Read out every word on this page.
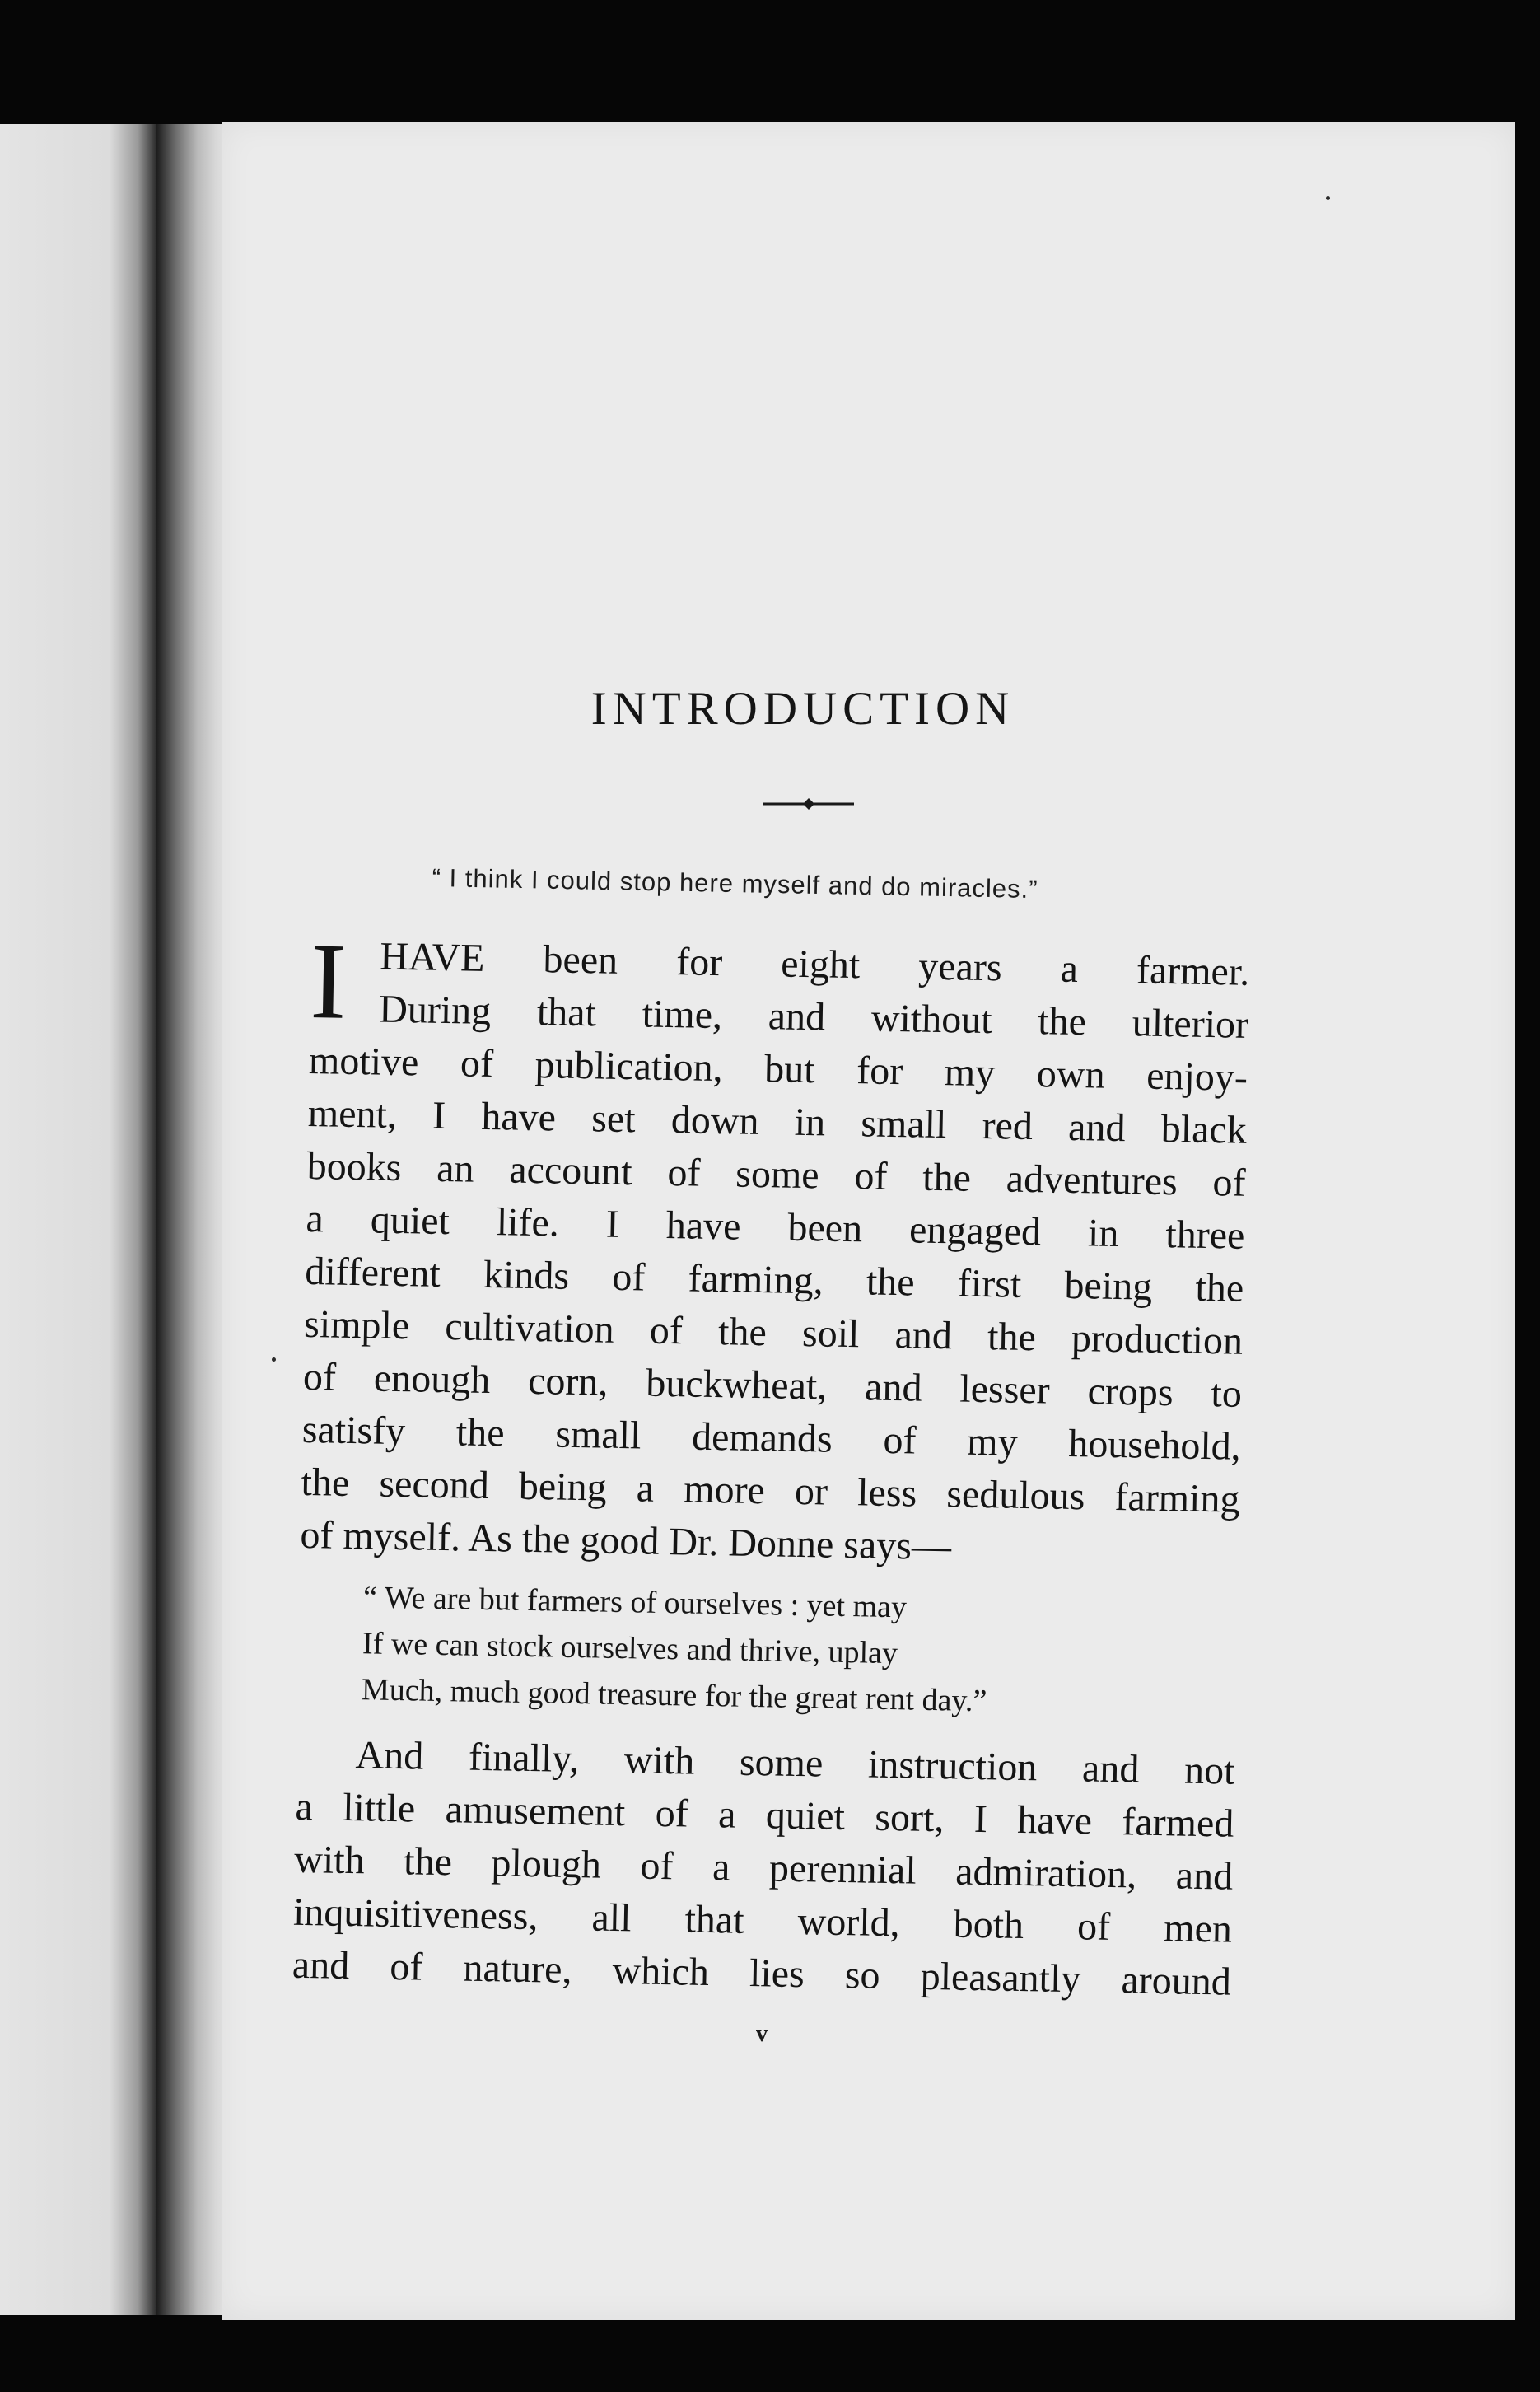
INTRODUCTION
“ I think I could stop here myself and do miracles.”
I HAVE been for eight years a farmer.
During that time, and without the ulterior
motive of publication, but for my own enjoy-
ment, I have set down in small red and black
books an account of some of the adventures of
a quiet life. I have been engaged in three
different kinds of farming, the first being the
simple cultivation of the soil and the production
of enough corn, buckwheat, and lesser crops to
satisfy the small demands of my household,
the second being a more or less sedulous farming
of myself. As the good Dr. Donne says—
“ We are but farmers of ourselves : yet may
If we can stock ourselves and thrive, uplay
Much, much good treasure for the great rent day.”
And finally, with some instruction and not
a little amusement of a quiet sort, I have farmed
with the plough of a perennial admiration, and
inquisitiveness, all that world, both of men
and of nature, which lies so pleasantly around
v
